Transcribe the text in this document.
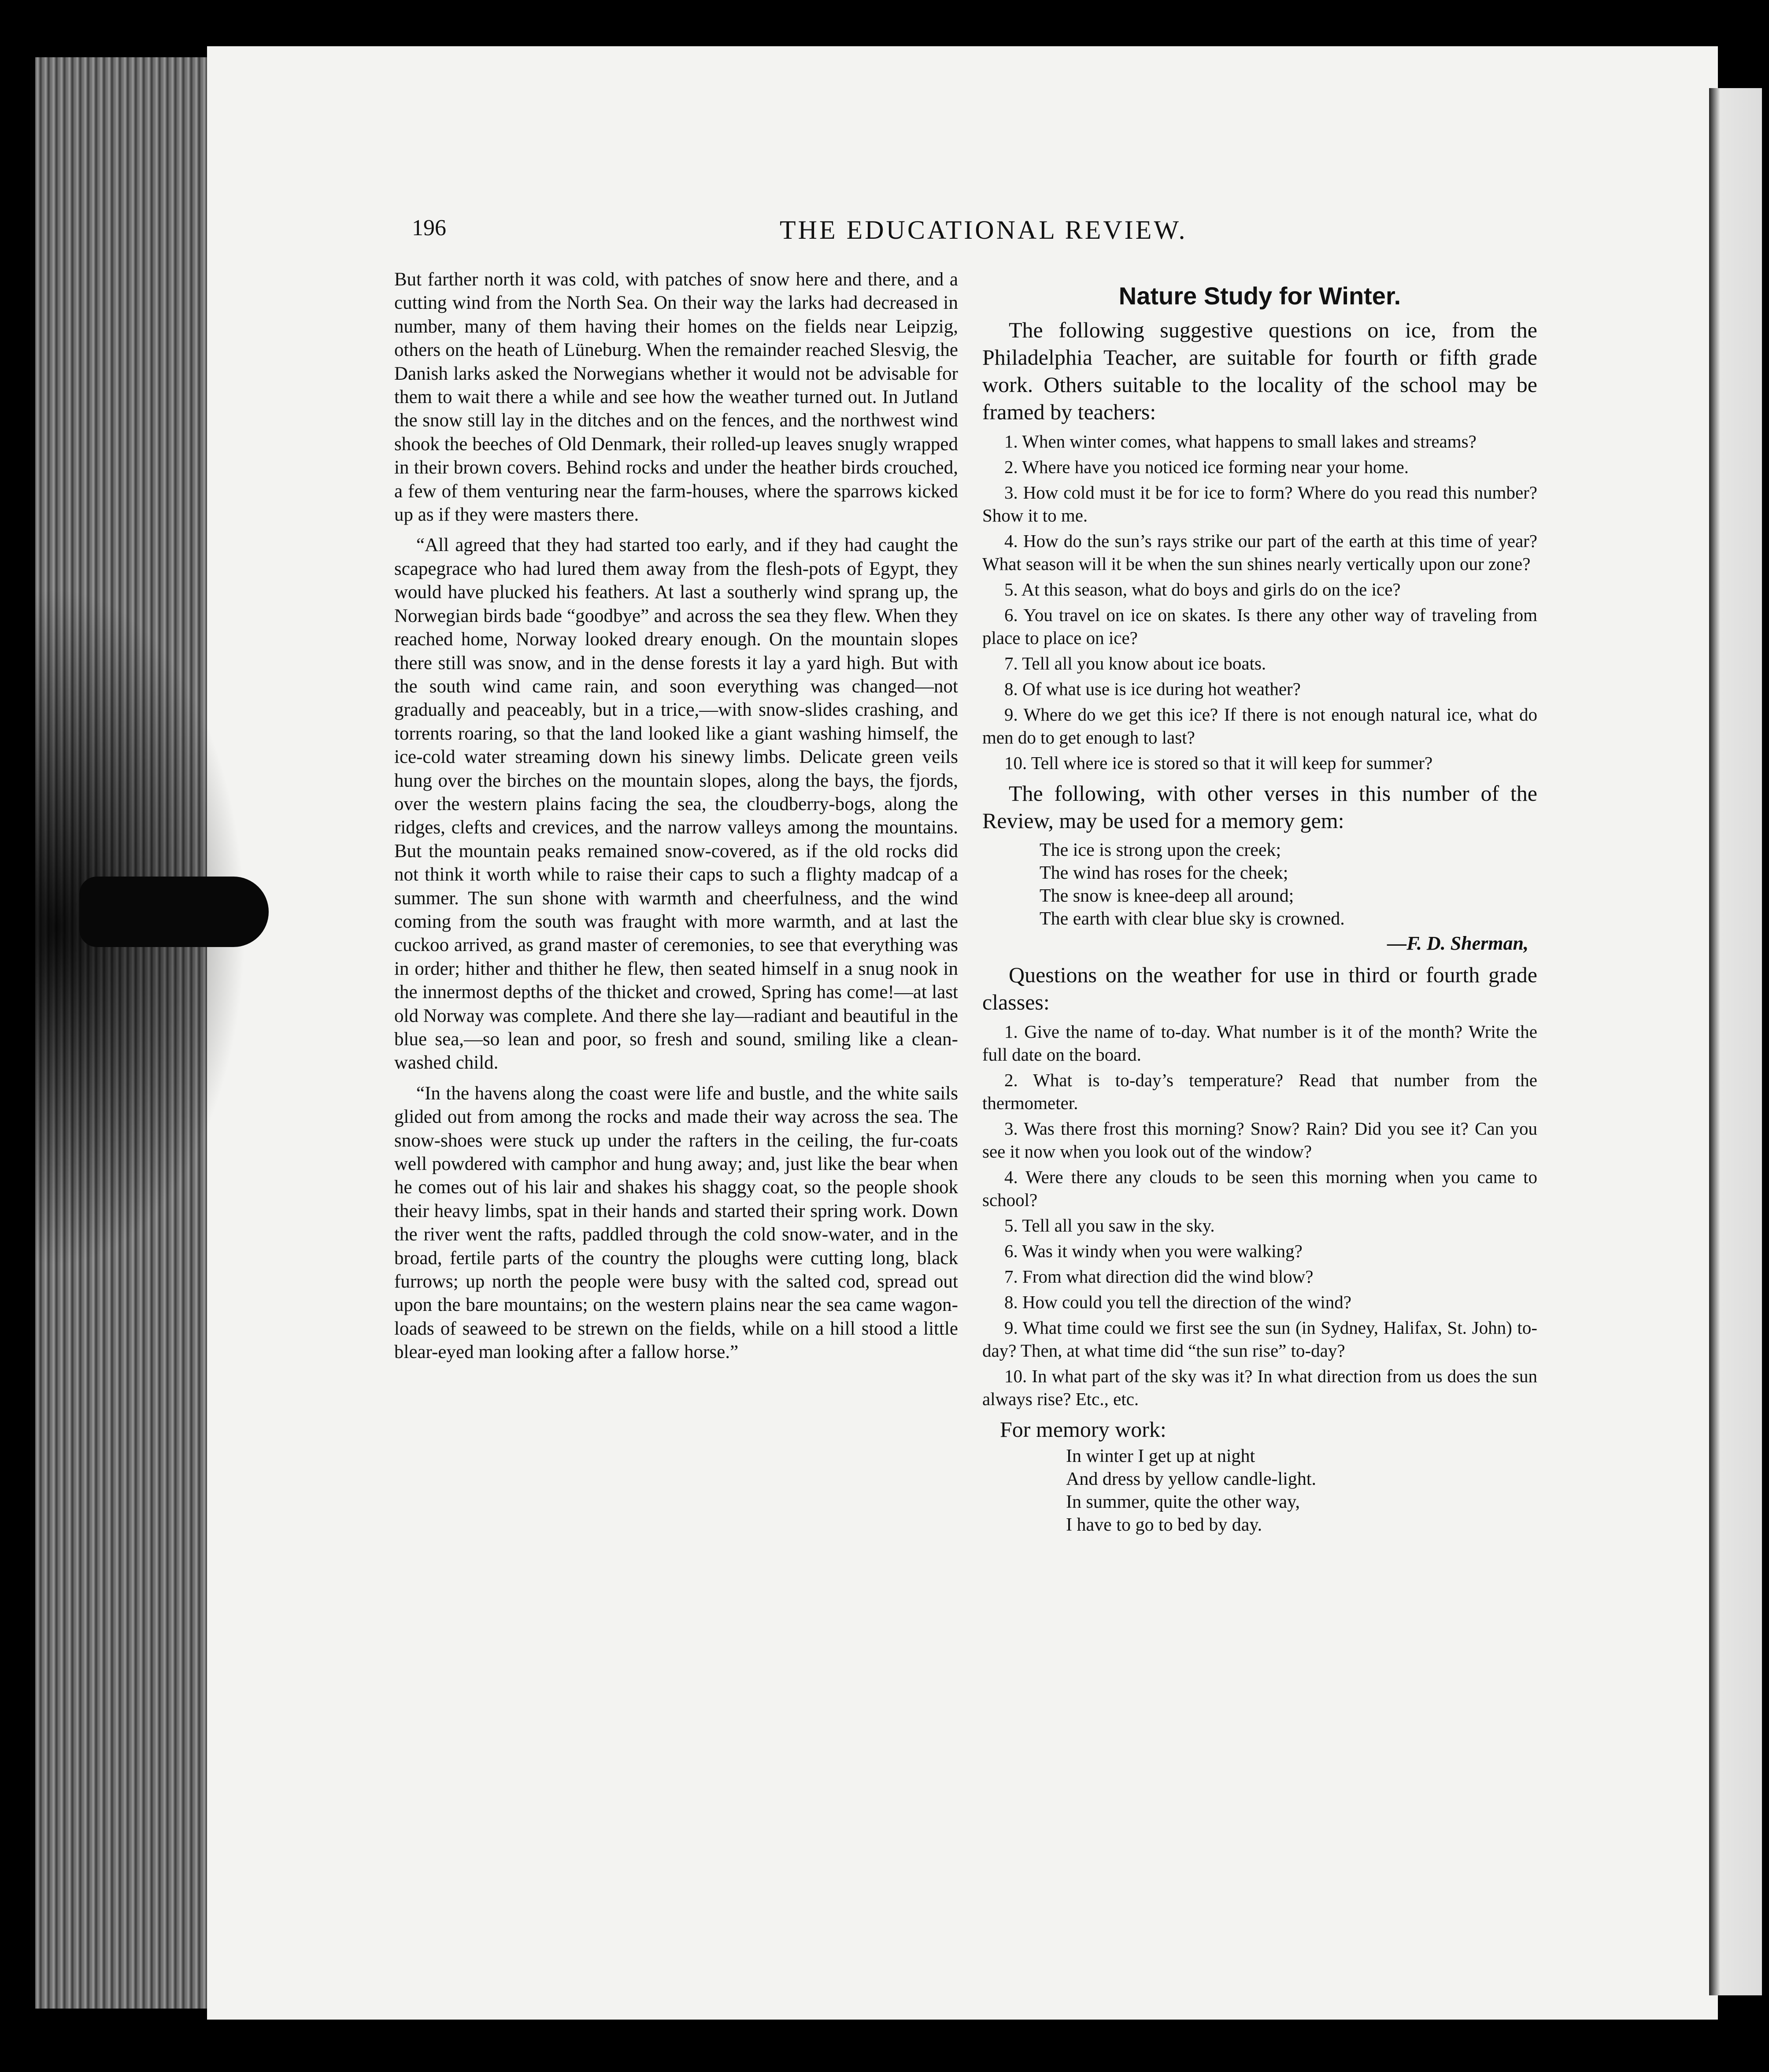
196	THE EDUCATIONAL REVIEW.

But farther north it was cold, with patches of snow here and there, and a cutting wind from the North Sea. On their way the larks had decreased in number, many of them having their homes on the fields near Leipzig, others on the heath of Lüneburg. When the remainder reached Slesvig, the Danish larks asked the Norwegians whether it would not be advisable for them to wait there a while and see how the weather turned out. In Jutland the snow still lay in the ditches and on the fences, and the northwest wind shook the beeches of Old Denmark, their rolled-up leaves snugly wrapped in their brown covers. Behind rocks and under the heather birds crouched, a few of them venturing near the farm-houses, where the sparrows kicked up as if they were masters there.

“All agreed that they had started too early, and if they had caught the scapegrace who had lured them away from the flesh-pots of Egypt, they would have plucked his feathers. At last a southerly wind sprang up, the Norwegian birds bade “goodbye” and across the sea they flew. When they reached home, Norway looked dreary enough. On the mountain slopes there still was snow, and in the dense forests it lay a yard high. But with the south wind came rain, and soon everything was changed—not gradually and peaceably, but in a trice,—with snow-slides crashing, and torrents roaring, so that the land looked like a giant washing himself, the ice-cold water streaming down his sinewy limbs. Delicate green veils hung over the birches on the mountain slopes, along the bays, the fjords, over the western plains facing the sea, the cloudberry-bogs, along the ridges, clefts and crevices, and the narrow valleys among the mountains. But the mountain peaks remained snow-covered, as if the old rocks did not think it worth while to raise their caps to such a flighty madcap of a summer. The sun shone with warmth and cheerfulness, and the wind coming from the south was fraught with more warmth, and at last the cuckoo arrived, as grand master of ceremonies, to see that everything was in order; hither and thither he flew, then seated himself in a snug nook in the innermost depths of the thicket and crowed, Spring has come!—at last old Norway was complete. And there she lay—radiant and beautiful in the blue sea,—so lean and poor, so fresh and sound, smiling like a clean-washed child.

“In the havens along the coast were life and bustle, and the white sails glided out from among the rocks and made their way across the sea. The snow-shoes were stuck up under the rafters in the ceiling, the fur-coats well powdered with camphor and hung away; and, just like the bear when he comes out of his lair and shakes his shaggy coat, so the people shook their heavy limbs, spat in their hands and started their spring work. Down the river went the rafts, paddled through the cold snow-water, and in the broad, fertile parts of the country the ploughs were cutting long, black furrows; up north the people were busy with the salted cod, spread out upon the bare mountains; on the western plains near the sea came wagon-loads of seaweed to be strewn on the fields, while on a hill stood a little blear-eyed man looking after a fallow horse.”

Nature Study for Winter.

The following suggestive questions on ice, from the Philadelphia Teacher, are suitable for fourth or fifth grade work. Others suitable to the locality of the school may be framed by teachers:

1. When winter comes, what happens to small lakes and streams?
2. Where have you noticed ice forming near your home.
3. How cold must it be for ice to form? Where do you read this number? Show it to me.
4. How do the sun’s rays strike our part of the earth at this time of year? What season will it be when the sun shines nearly vertically upon our zone?
5. At this season, what do boys and girls do on the ice?
6. You travel on ice on skates. Is there any other way of traveling from place to place on ice?
7. Tell all you know about ice boats.
8. Of what use is ice during hot weather?
9. Where do we get this ice? If there is not enough natural ice, what do men do to get enough to last?
10. Tell where ice is stored so that it will keep for summer?

The following, with other verses in this number of the Review, may be used for a memory gem:

The ice is strong upon the creek;
The wind has roses for the cheek;
The snow is knee-deep all around;
The earth with clear blue sky is crowned.
—F. D. Sherman,

Questions on the weather for use in third or fourth grade classes:

1. Give the name of to-day. What number is it of the month? Write the full date on the board.
2. What is to-day’s temperature? Read that number from the thermometer.
3. Was there frost this morning? Snow? Rain? Did you see it? Can you see it now when you look out of the window?
4. Were there any clouds to be seen this morning when you came to school?
5. Tell all you saw in the sky.
6. Was it windy when you were walking?
7. From what direction did the wind blow?
8. How could you tell the direction of the wind?
9. What time could we first see the sun (in Sydney, Halifax, St. John) to-day? Then, at what time did “the sun rise” to-day?
10. In what part of the sky was it? In what direction from us does the sun always rise? Etc., etc.

For memory work:

In winter I get up at night
And dress by yellow candle-light.
In summer, quite the other way,
I have to go to bed by day.
